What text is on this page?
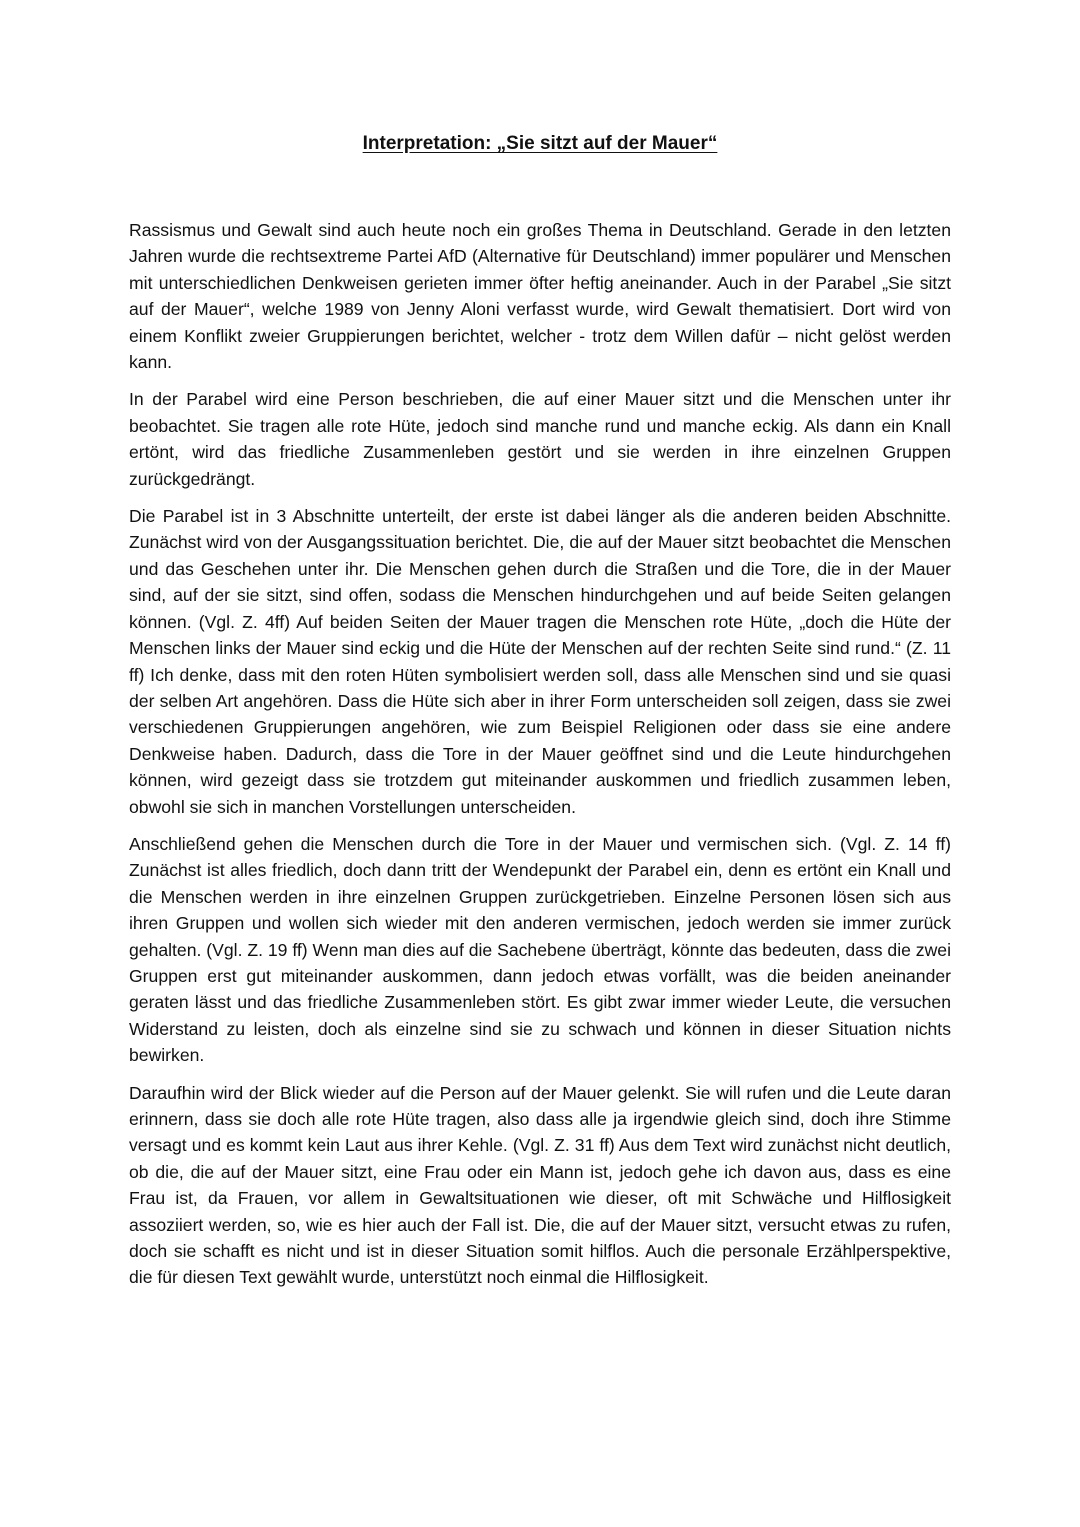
Interpretation: „Sie sitzt auf der Mauer“

Rassismus und Gewalt sind auch heute noch ein großes Thema in Deutschland. Gerade in den letzten Jahren wurde die rechtsextreme Partei AfD (Alternative für Deutschland) immer populärer und Menschen mit unterschiedlichen Denkweisen gerieten immer öfter heftig aneinander. Auch in der Parabel „Sie sitzt auf der Mauer“, welche 1989 von Jenny Aloni verfasst wurde, wird Gewalt thematisiert. Dort wird von einem Konflikt zweier Gruppierungen berichtet, welcher - trotz dem Willen dafür – nicht gelöst werden kann.

In der Parabel wird eine Person beschrieben, die auf einer Mauer sitzt und die Menschen unter ihr beobachtet. Sie tragen alle rote Hüte, jedoch sind manche rund und manche eckig. Als dann ein Knall ertönt, wird das friedliche Zusammenleben gestört und sie werden in ihre einzelnen Gruppen zurückgedrängt.

Die Parabel ist in 3 Abschnitte unterteilt, der erste ist dabei länger als die anderen beiden Abschnitte. Zunächst wird von der Ausgangssituation berichtet. Die, die auf der Mauer sitzt beobachtet die Menschen und das Geschehen unter ihr. Die Menschen gehen durch die Straßen und die Tore, die in der Mauer sind, auf der sie sitzt, sind offen, sodass die Menschen hindurchgehen und auf beide Seiten gelangen können. (Vgl. Z. 4ff) Auf beiden Seiten der Mauer tragen die Menschen rote Hüte, „doch die Hüte der Menschen links der Mauer sind eckig und die Hüte der Menschen auf der rechten Seite sind rund.“ (Z. 11 ff) Ich denke, dass mit den roten Hüten symbolisiert werden soll, dass alle Menschen sind und sie quasi der selben Art angehören. Dass die Hüte sich aber in ihrer Form unterscheiden soll zeigen, dass sie zwei verschiedenen Gruppierungen angehören, wie zum Beispiel Religionen oder dass sie eine andere Denkweise haben. Dadurch, dass die Tore in der Mauer geöffnet sind und die Leute hindurchgehen können, wird gezeigt dass sie trotzdem gut miteinander auskommen und friedlich zusammen leben, obwohl sie sich in manchen Vorstellungen unterscheiden.

Anschließend gehen die Menschen durch die Tore in der Mauer und vermischen sich. (Vgl. Z. 14 ff) Zunächst ist alles friedlich, doch dann tritt der Wendepunkt der Parabel ein, denn es ertönt ein Knall und die Menschen werden in ihre einzelnen Gruppen zurückgetrieben. Einzelne Personen lösen sich aus ihren Gruppen und wollen sich wieder mit den anderen vermischen, jedoch werden sie immer zurück gehalten. (Vgl. Z. 19 ff) Wenn man dies auf die Sachebene überträgt, könnte das bedeuten, dass die zwei Gruppen erst gut miteinander auskommen, dann jedoch etwas vorfällt, was die beiden aneinander geraten lässt und das friedliche Zusammenleben stört. Es gibt zwar immer wieder Leute, die versuchen Widerstand zu leisten, doch als einzelne sind sie zu schwach und können in dieser Situation nichts bewirken.

Daraufhin wird der Blick wieder auf die Person auf der Mauer gelenkt. Sie will rufen und die Leute daran erinnern, dass sie doch alle rote Hüte tragen, also dass alle ja irgendwie gleich sind, doch ihre Stimme versagt und es kommt kein Laut aus ihrer Kehle. (Vgl. Z. 31 ff) Aus dem Text wird zunächst nicht deutlich, ob die, die auf der Mauer sitzt, eine Frau oder ein Mann ist, jedoch gehe ich davon aus, dass es eine Frau ist, da Frauen, vor allem in Gewaltsituationen wie dieser, oft mit Schwäche und Hilflosigkeit assoziiert werden, so, wie es hier auch der Fall ist. Die, die auf der Mauer sitzt, versucht etwas zu rufen, doch sie schafft es nicht und ist in dieser Situation somit hilflos. Auch die personale Erzählperspektive, die für diesen Text gewählt wurde, unterstützt noch einmal die Hilflosigkeit.
